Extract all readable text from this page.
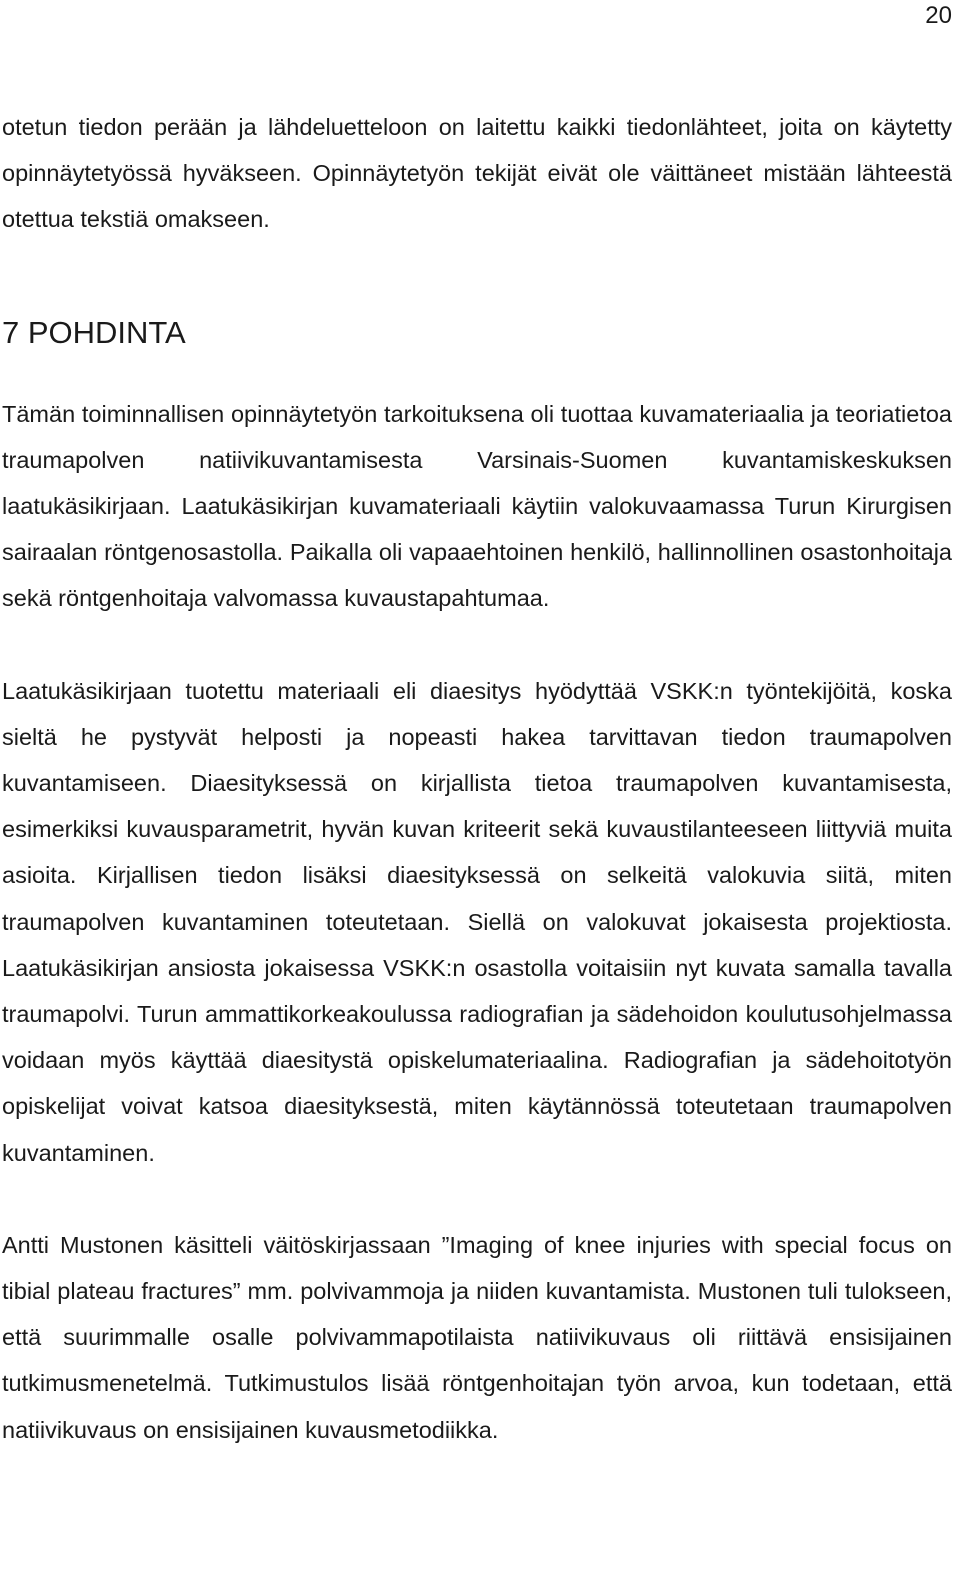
20

otetun tiedon perään ja lähdeluetteloon on laitettu kaikki tiedonlähteet, joita on käytetty opinnäytetyössä hyväkseen. Opinnäytetyön tekijät eivät ole väittäneet mistään lähteestä otettua tekstiä omakseen.

7 POHDINTA

Tämän toiminnallisen opinnäytetyön tarkoituksena oli tuottaa kuvamateriaalia ja teoriatietoa traumapolven natiivikuvantamisesta Varsinais-Suomen kuvantamiskeskuksen laatukäsikirjaan. Laatukäsikirjan kuvamateriaali käytiin valokuvaamassa Turun Kirurgisen sairaalan röntgenosastolla. Paikalla oli vapaaehtoinen henkilö, hallinnollinen osastonhoitaja sekä röntgenhoitaja valvomassa kuvaustapahtumaa.

Laatukäsikirjaan tuotettu materiaali eli diaesitys hyödyttää VSKK:n työntekijöitä, koska sieltä he pystyvät helposti ja nopeasti hakea tarvittavan tiedon traumapolven kuvantamiseen. Diaesityksessä on kirjallista tietoa traumapolven kuvantamisesta, esimerkiksi kuvausparametrit, hyvän kuvan kriteerit sekä kuvaustilanteeseen liittyviä muita asioita. Kirjallisen tiedon lisäksi diaesityksessä on selkeitä valokuvia siitä, miten traumapolven kuvantaminen toteutetaan. Siellä on valokuvat jokaisesta projektiosta. Laatukäsikirjan ansiosta jokaisessa VSKK:n osastolla voitaisiin nyt kuvata samalla tavalla traumapolvi. Turun ammattikorkeakoulussa radiografian ja sädehoidon koulutusohjelmassa voidaan myös käyttää diaesitystä opiskelumateriaalina. Radiografian ja sädehoitotyön opiskelijat voivat katsoa diaesityksestä, miten käytännössä toteutetaan traumapolven kuvantaminen.

Antti Mustonen käsitteli väitöskirjassaan ”Imaging of knee injuries with special focus on tibial plateau fractures” mm. polvivammoja ja niiden kuvantamista. Mustonen tuli tulokseen, että suurimmalle osalle polvivammapotilaista natiivikuvaus oli riittävä ensisijainen tutkimusmenetelmä. Tutkimustulos lisää röntgenhoitajan työn arvoa, kun todetaan, että natiivikuvaus on ensisijainen kuvausmetodiikka.
